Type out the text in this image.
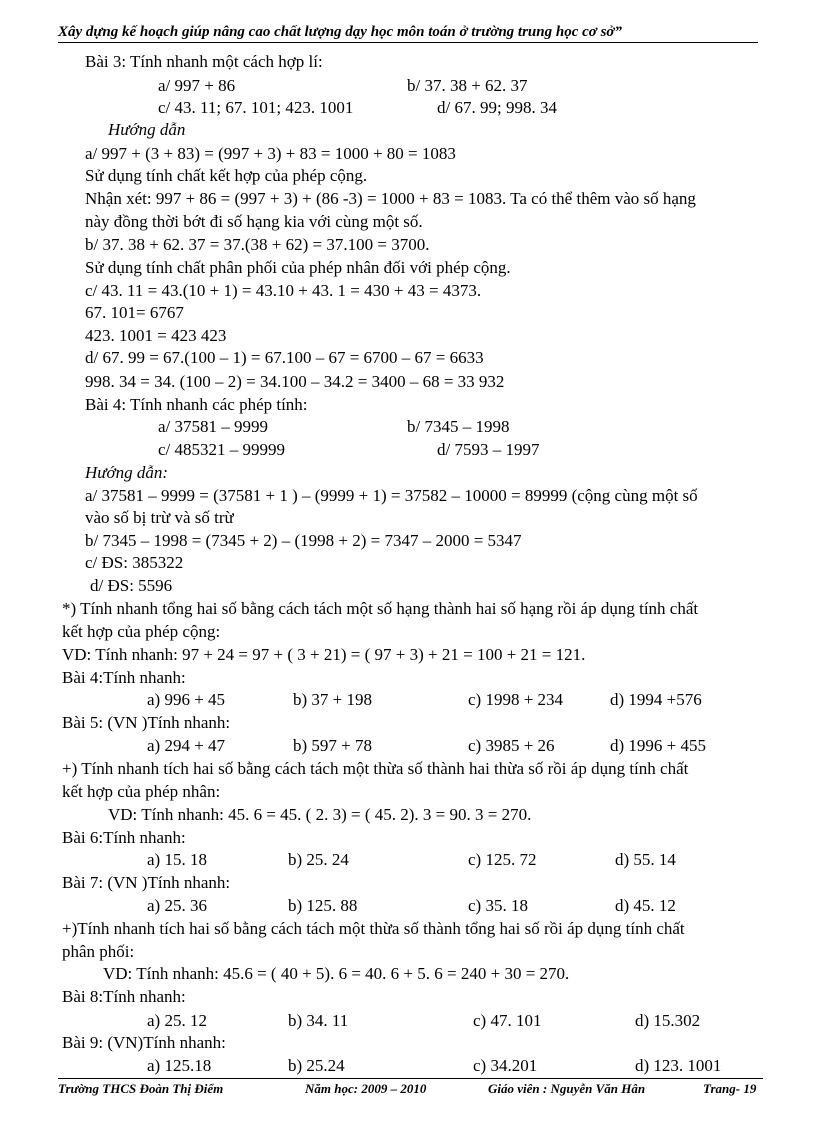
Xây dựng kế hoạch giúp nâng cao chất lượng dạy học môn toán ở trường trung học cơ sở”
Bài 3: Tính nhanh một cách hợp lí:
a/ 997 + 86	b/ 37. 38 + 62. 37
c/ 43. 11; 67. 101; 423. 1001	d/ 67. 99; 998. 34
Hướng dẫn
a/ 997 + (3 + 83) = (997 + 3) + 83 = 1000 + 80 = 1083
Sử dụng tính chất kết hợp của phép cộng.
Nhận xét: 997 + 86 = (997 + 3) + (86 -3) = 1000 + 83 = 1083. Ta có thể thêm vào số hạng
này đồng thời bớt đi số hạng kia với cùng một số.
b/ 37. 38 + 62. 37 = 37.(38 + 62) = 37.100 = 3700.
Sử dụng tính chất phân phối của phép nhân đối với phép cộng.
c/ 43. 11 = 43.(10 + 1) = 43.10 + 43. 1 = 430 + 43 = 4373.
67. 101= 6767
423. 1001 = 423 423
d/ 67. 99 = 67.(100 – 1) = 67.100 – 67 = 6700 – 67 = 6633
998. 34 = 34. (100 – 2) = 34.100 – 34.2 = 3400 – 68 = 33 932
Bài 4: Tính nhanh các phép tính:
a/ 37581 – 9999	b/ 7345 – 1998
c/ 485321 – 99999	d/ 7593 – 1997
Hướng dẫn:
a/ 37581 – 9999 = (37581 + 1 ) – (9999 + 1) = 37582 – 10000 = 89999 (cộng cùng một số
vào số bị trừ và số trừ
b/ 7345 – 1998 = (7345 + 2) – (1998 + 2) = 7347 – 2000 = 5347
c/ ĐS: 385322
d/ ĐS: 5596
*) Tính nhanh tổng hai số bằng cách tách một số hạng thành hai số hạng rồi áp dụng tính chất
kết hợp của phép cộng:
VD: Tính nhanh: 97 + 24 = 97 + ( 3 + 21) = ( 97 + 3) + 21 = 100 + 21 = 121.
Bài 4:Tính nhanh:
a) 996 + 45	b) 37 + 198	c) 1998 + 234	d) 1994 +576
Bài 5: (VN )Tính nhanh:
a) 294 + 47	b) 597 + 78	c) 3985 + 26	d) 1996 + 455
+) Tính nhanh tích hai số bằng cách tách một thừa số thành hai thừa số rồi áp dụng tính chất
kết hợp của phép nhân:
VD: Tính nhanh: 45. 6 = 45. ( 2. 3) = ( 45. 2). 3 = 90. 3 = 270.
Bài 6:Tính nhanh:
a) 15. 18	b) 25. 24	c) 125. 72	d) 55. 14
Bài 7: (VN )Tính nhanh:
a) 25. 36	b) 125. 88	c) 35. 18	d) 45. 12
+)Tính nhanh tích hai số bằng cách tách một thừa số thành tổng hai số rồi áp dụng tính chất
phân phối:
VD: Tính nhanh: 45.6 = ( 40 + 5). 6 = 40. 6 + 5. 6 = 240 + 30 = 270.
Bài 8:Tính nhanh:
a) 25. 12	b) 34. 11	c) 47. 101	d) 15.302
Bài 9: (VN)Tính nhanh:
a) 125.18	b) 25.24	c) 34.201	d) 123. 1001
Trường THCS Đoàn Thị Điểm	Năm học: 2009 – 2010	Giáo viên : Nguyễn Văn Hân	Trang- 19
